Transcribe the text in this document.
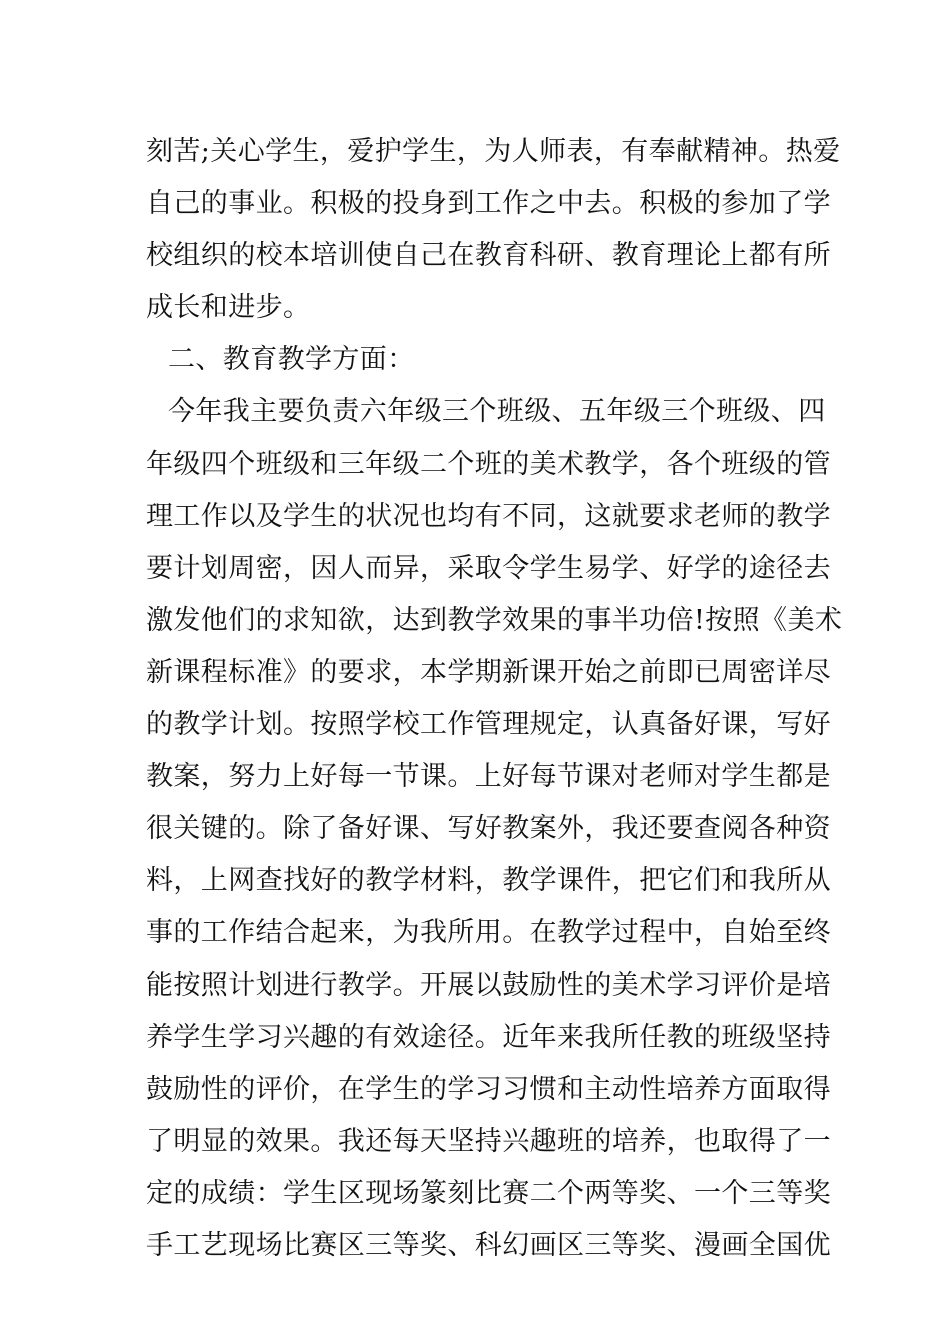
刻苦;关心学生，爱护学生，为人师表，有奉献精神。热爱
自己的事业。积极的投身到工作之中去。积极的参加了学
校组织的校本培训使自己在教育科研、教育理论上都有所
成长和进步。
二、教育教学方面：
今年我主要负责六年级三个班级、五年级三个班级、四
年级四个班级和三年级二个班的美术教学，各个班级的管
理工作以及学生的状况也均有不同，这就要求老师的教学
要计划周密，因人而异，采取令学生易学、好学的途径去
激发他们的求知欲，达到教学效果的事半功倍!按照《美术
新课程标准》的要求，本学期新课开始之前即已周密详尽
的教学计划。按照学校工作管理规定，认真备好课，写好
教案，努力上好每一节课。上好每节课对老师对学生都是
很关键的。除了备好课、写好教案外，我还要查阅各种资
料，上网查找好的教学材料，教学课件，把它们和我所从
事的工作结合起来，为我所用。在教学过程中，自始至终
能按照计划进行教学。开展以鼓励性的美术学习评价是培
养学生学习兴趣的有效途径。近年来我所任教的班级坚持
鼓励性的评价，在学生的学习习惯和主动性培养方面取得
了明显的效果。我还每天坚持兴趣班的培养，也取得了一
定的成绩：学生区现场篆刻比赛二个两等奖、一个三等奖
手工艺现场比赛区三等奖、科幻画区三等奖、漫画全国优
